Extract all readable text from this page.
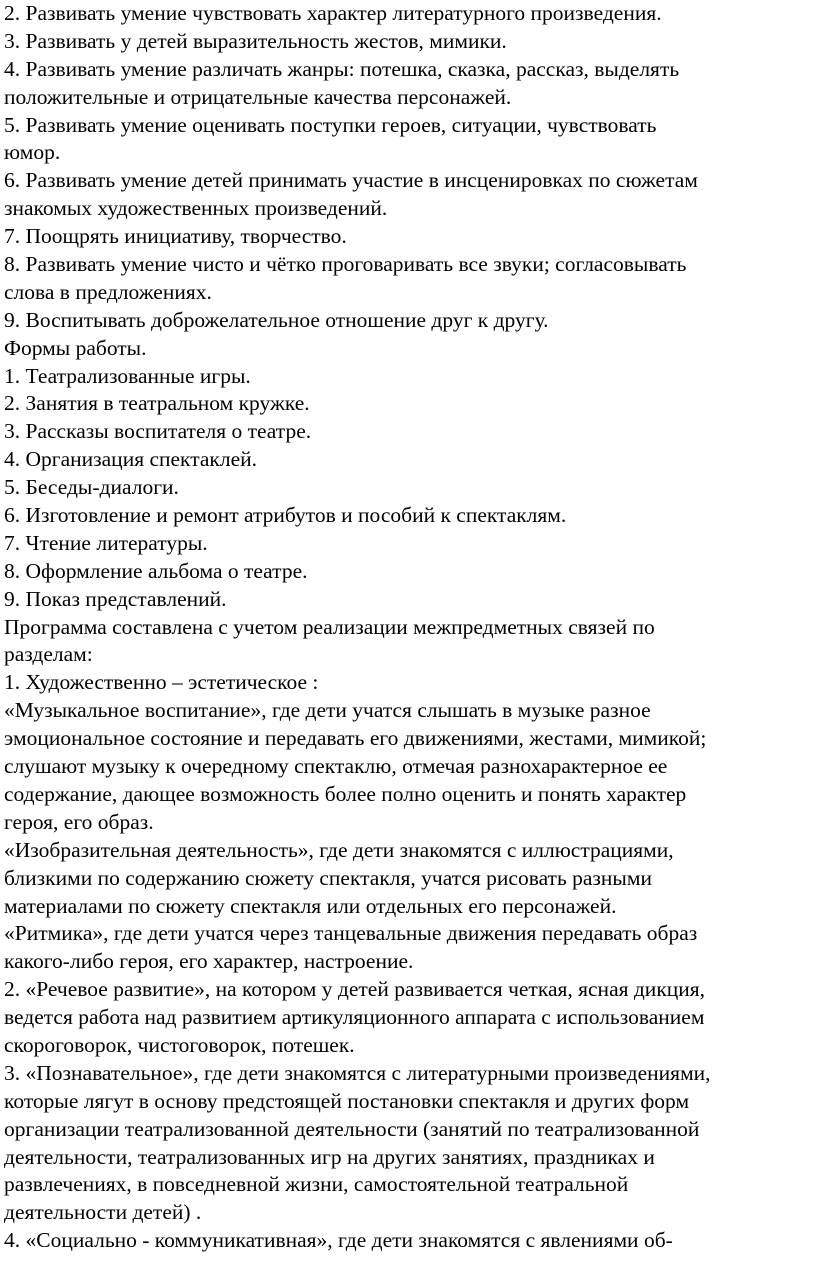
2. Развивать умение чувствовать характер литературного произведения.
3. Развивать у детей выразительность жестов, мимики.
4. Развивать умение различать жанры: потешка, сказка, рассказ, выделять
положительные и отрицательные качества персонажей.
5. Развивать умение оценивать поступки героев, ситуации, чувствовать
юмор.
6. Развивать умение детей принимать участие в инсценировках по сюжетам
знакомых художественных произведений.
7. Поощрять инициативу, творчество.
8. Развивать умение чисто и чётко проговаривать все звуки; согласовывать
слова в предложениях.
9. Воспитывать доброжелательное отношение друг к другу.
Формы работы.
1. Театрализованные игры.
2. Занятия в театральном кружке.
3. Рассказы воспитателя о театре.
4. Организация спектаклей.
5. Беседы-диалоги.
6. Изготовление и ремонт атрибутов и пособий к спектаклям.
7. Чтение литературы.
8. Оформление альбома о театре.
9. Показ представлений.
Программа составлена с учетом реализации межпредметных связей по
разделам:
1. Художественно – эстетическое :
«Музыкальное воспитание», где дети учатся слышать в музыке разное
эмоциональное состояние и передавать его движениями, жестами, мимикой;
слушают музыку к очередному спектаклю, отмечая разнохарактерное ее
содержание, дающее возможность более полно оценить и понять характер
героя, его образ.
«Изобразительная деятельность», где дети знакомятся с иллюстрациями,
близкими по содержанию сюжету спектакля, учатся рисовать разными
материалами по сюжету спектакля или отдельных его персонажей.
«Ритмика», где дети учатся через танцевальные движения передавать образ
какого-либо героя, его характер, настроение.
2. «Речевое развитие», на котором у детей развивается четкая, ясная дикция,
ведется работа над развитием артикуляционного аппарата с использованием
скороговорок, чистоговорок, потешек.
3. «Познавательное», где дети знакомятся с литературными произведениями,
которые лягут в основу предстоящей постановки спектакля и других форм
организации театрализованной деятельности (занятий по театрализованной
деятельности, театрализованных игр на других занятиях, праздниках и
развлечениях, в повседневной жизни, самостоятельной театральной
деятельности детей) .
4. «Социально - коммуникативная», где дети знакомятся с явлениями об-
